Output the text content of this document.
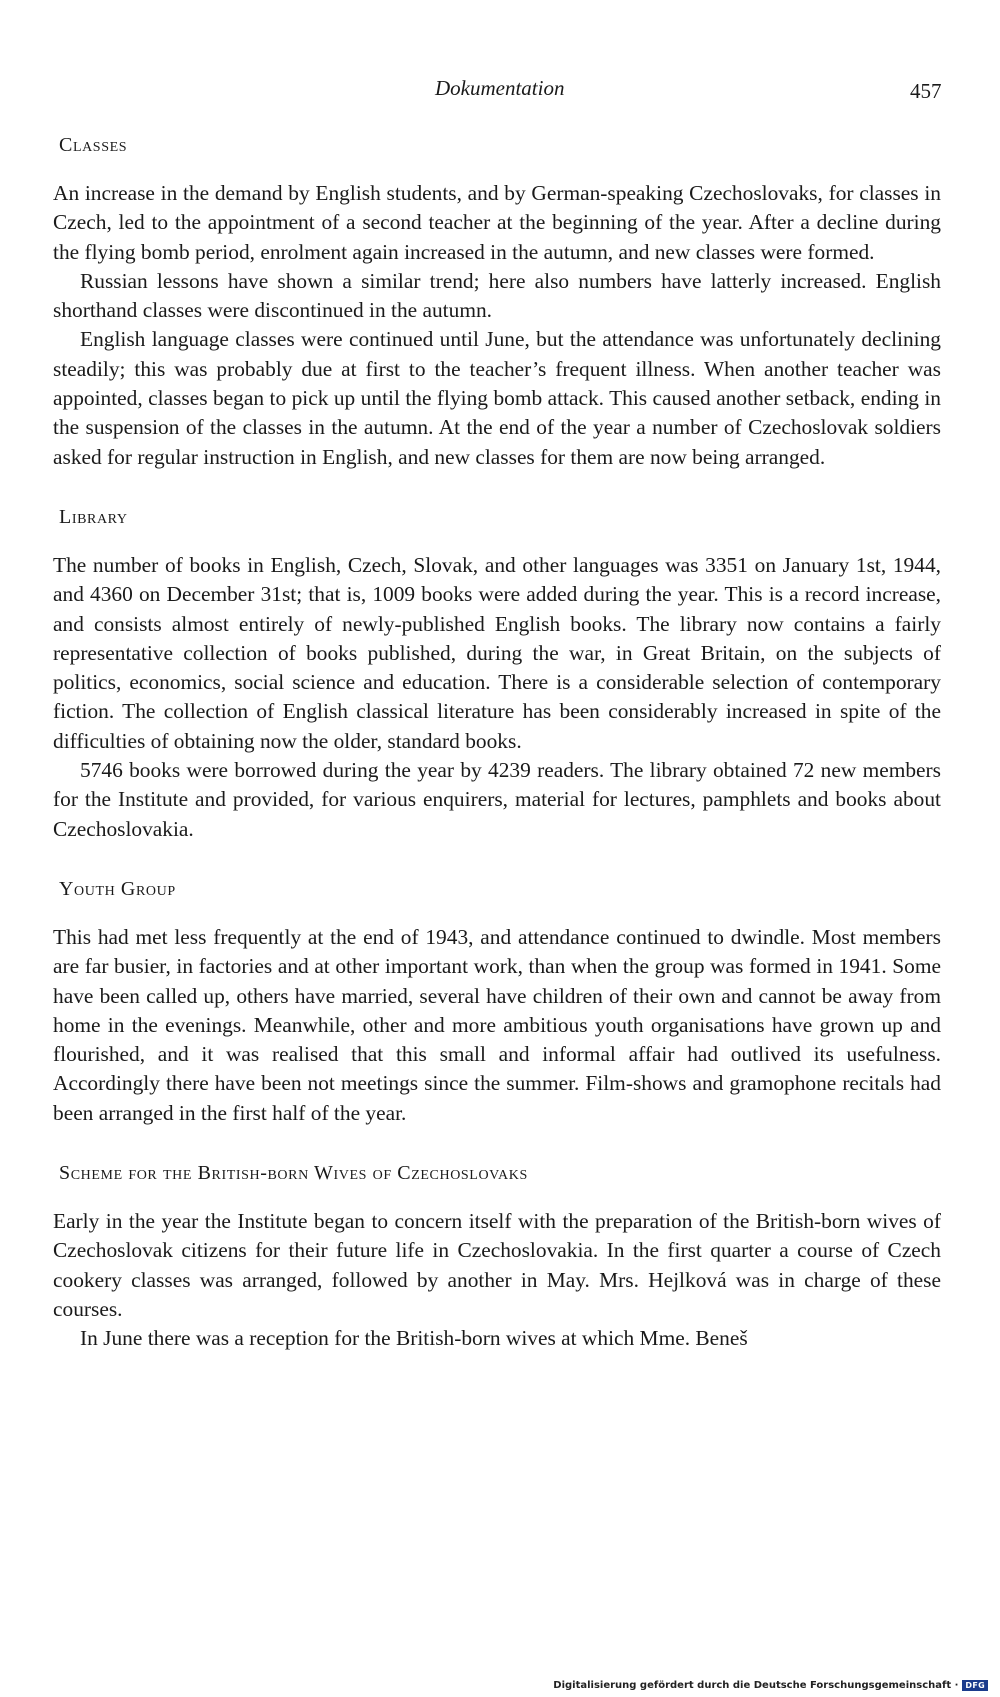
Dokumentation	457
Classes

An increase in the demand by English students, and by German-speaking Czechoslovaks, for classes in Czech, led to the appointment of a second teacher at the beginning of the year. After a decline during the flying bomb period, enrolment again increased in the autumn, and new classes were formed.

Russian lessons have shown a similar trend; here also numbers have latterly increased. English shorthand classes were discontinued in the autumn.

English language classes were continued until June, but the attendance was unfortunately declining steadily; this was probably due at first to the teacher’s frequent illness. When another teacher was appointed, classes began to pick up until the flying bomb attack. This caused another setback, ending in the suspension of the classes in the autumn. At the end of the year a number of Czechoslovak soldiers asked for regular instruction in English, and new classes for them are now being arranged.

Library

The number of books in English, Czech, Slovak, and other languages was 3351 on January 1st, 1944, and 4360 on December 31st; that is, 1009 books were added during the year. This is a record increase, and consists almost entirely of newly-published English books. The library now contains a fairly representative collection of books published, during the war, in Great Britain, on the subjects of politics, economics, social science and education. There is a considerable selection of contemporary fiction. The collection of English classical literature has been considerably increased in spite of the difficulties of obtaining now the older, standard books.

5746 books were borrowed during the year by 4239 readers. The library obtained 72 new members for the Institute and provided, for various enquirers, material for lectures, pamphlets and books about Czechoslovakia.

Youth Group

This had met less frequently at the end of 1943, and attendance continued to dwindle. Most members are far busier, in factories and at other important work, than when the group was formed in 1941. Some have been called up, others have married, several have children of their own and cannot be away from home in the evenings. Meanwhile, other and more ambitious youth organisations have grown up and flourished, and it was realised that this small and informal affair had outlived its usefulness. Accordingly there have been not meetings since the summer. Film-shows and gramophone recitals had been arranged in the first half of the year.

Scheme for the British-born Wives of Czechoslovaks

Early in the year the Institute began to concern itself with the preparation of the British-born wives of Czechoslovak citizens for their future life in Czechoslovakia. In the first quarter a course of Czech cookery classes was arranged, followed by another in May. Mrs. Hejlková was in charge of these courses.

In June there was a reception for the British-born wives at which Mme. Beneš

Digitalisierung gefördert durch die Deutsche Forschungsgemeinschaft · DFG
